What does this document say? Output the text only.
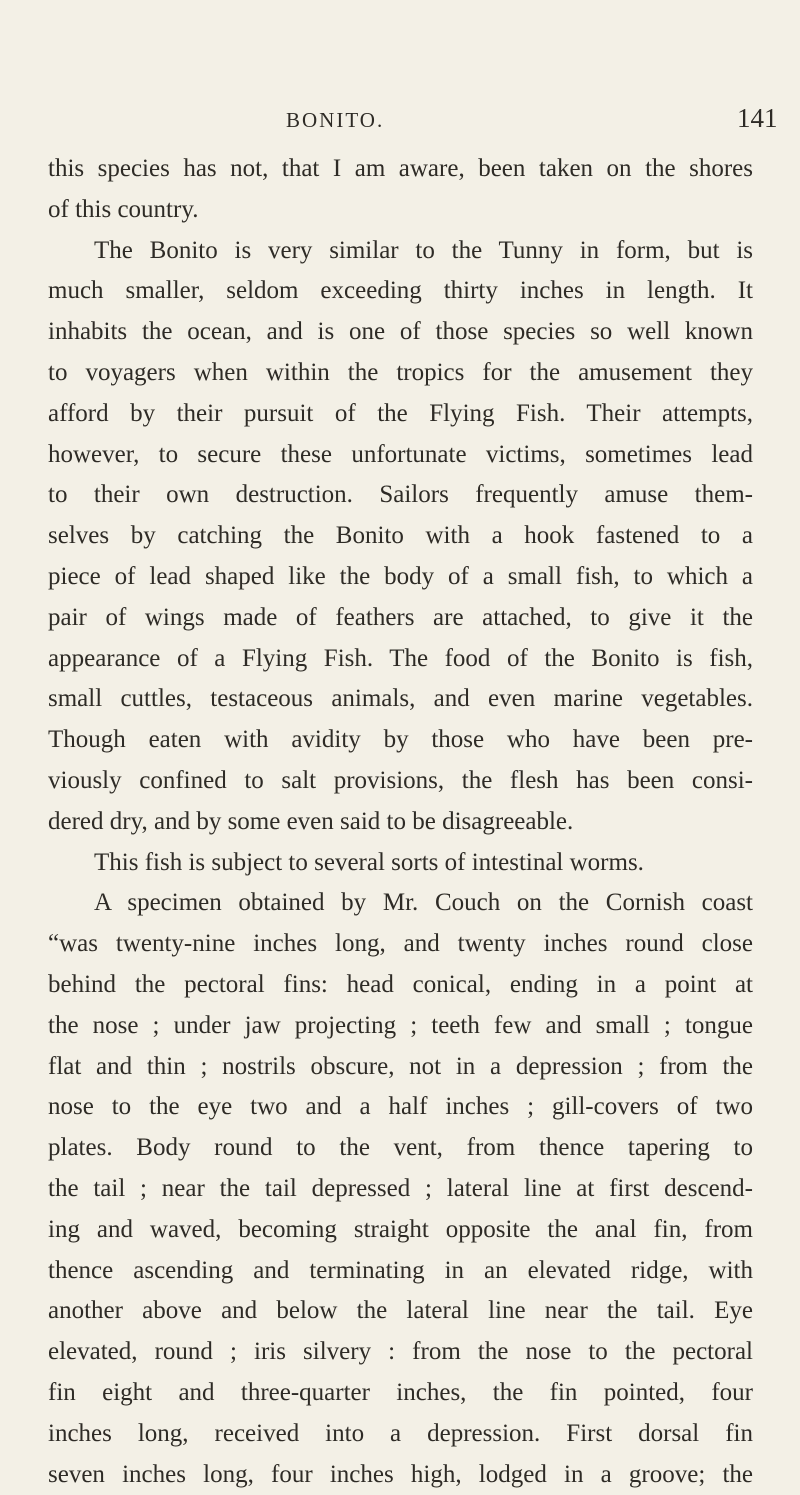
BONITO.	141
this species has not, that I am aware, been taken on the shores
of this country.
The Bonito is very similar to the Tunny in form, but is
much smaller, seldom exceeding thirty inches in length. It
inhabits the ocean, and is one of those species so well known
to voyagers when within the tropics for the amusement they
afford by their pursuit of the Flying Fish. Their attempts,
however, to secure these unfortunate victims, sometimes lead
to their own destruction. Sailors frequently amuse them-
selves by catching the Bonito with a hook fastened to a
piece of lead shaped like the body of a small fish, to which a
pair of wings made of feathers are attached, to give it the
appearance of a Flying Fish. The food of the Bonito is fish,
small cuttles, testaceous animals, and even marine vegetables.
Though eaten with avidity by those who have been pre-
viously confined to salt provisions, the flesh has been consi-
dered dry, and by some even said to be disagreeable.
This fish is subject to several sorts of intestinal worms.
A specimen obtained by Mr. Couch on the Cornish coast
“was twenty-nine inches long, and twenty inches round close
behind the pectoral fins: head conical, ending in a point at
the nose ; under jaw projecting ; teeth few and small ; tongue
flat and thin ; nostrils obscure, not in a depression ; from the
nose to the eye two and a half inches ; gill-covers of two
plates. Body round to the vent, from thence tapering to
the tail ; near the tail depressed ; lateral line at first descend-
ing and waved, becoming straight opposite the anal fin, from
thence ascending and terminating in an elevated ridge, with
another above and below the lateral line near the tail. Eye
elevated, round ; iris silvery : from the nose to the pectoral
fin eight and three-quarter inches, the fin pointed, four
inches long, received into a depression. First dorsal fin
seven inches long, four inches high, lodged in a groove; the
